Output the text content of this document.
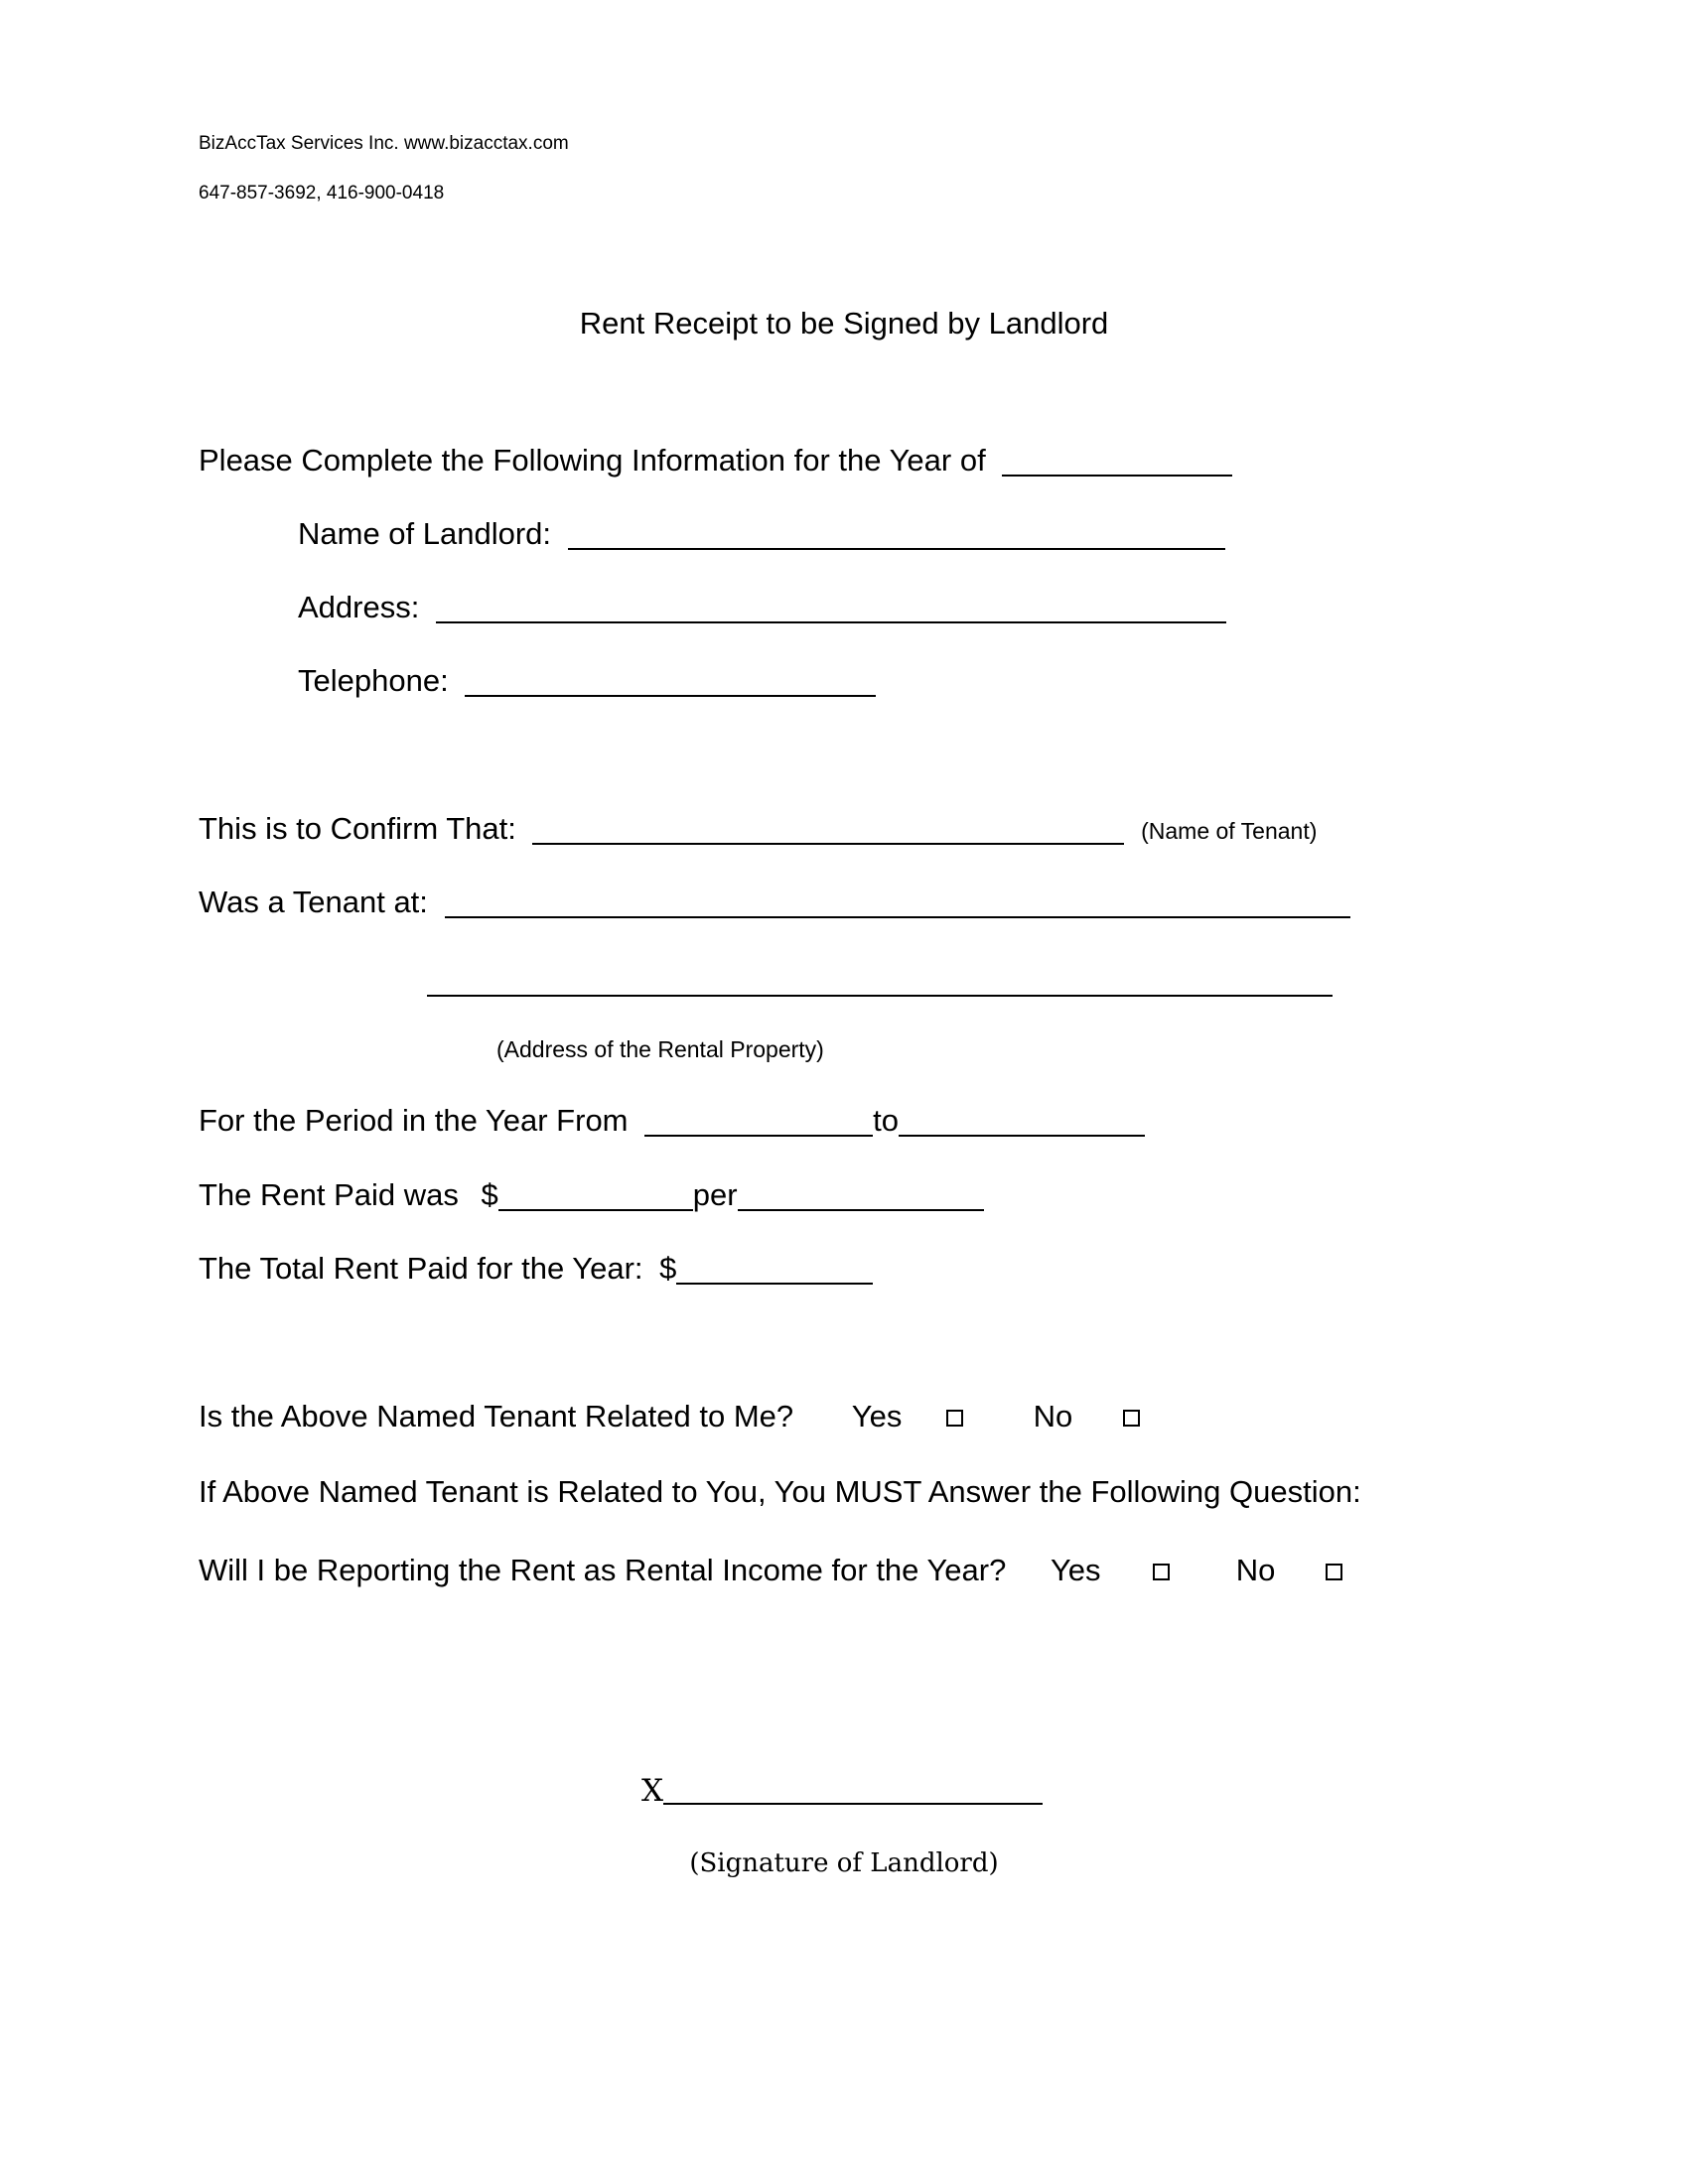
BizAccTax Services Inc. www.bizacctax.com
647-857-3692, 416-900-0418
Rent Receipt to be Signed by Landlord
Please Complete the Following Information for the Year of
Name of Landlord:
Address:
Telephone:
This is to Confirm That:	(Name of Tenant)
Was a Tenant at:
(Address of the Rental Property)
For the Period in the Year From	to
The Rent Paid was $	per
The Total Rent Paid for the Year: $
Is the Above Named Tenant Related to Me? Yes	No
If Above Named Tenant is Related to You, You MUST Answer the Following Question:
Will I be Reporting the Rent as Rental Income for the Year? Yes	No
X
(Signature of Landlord)
